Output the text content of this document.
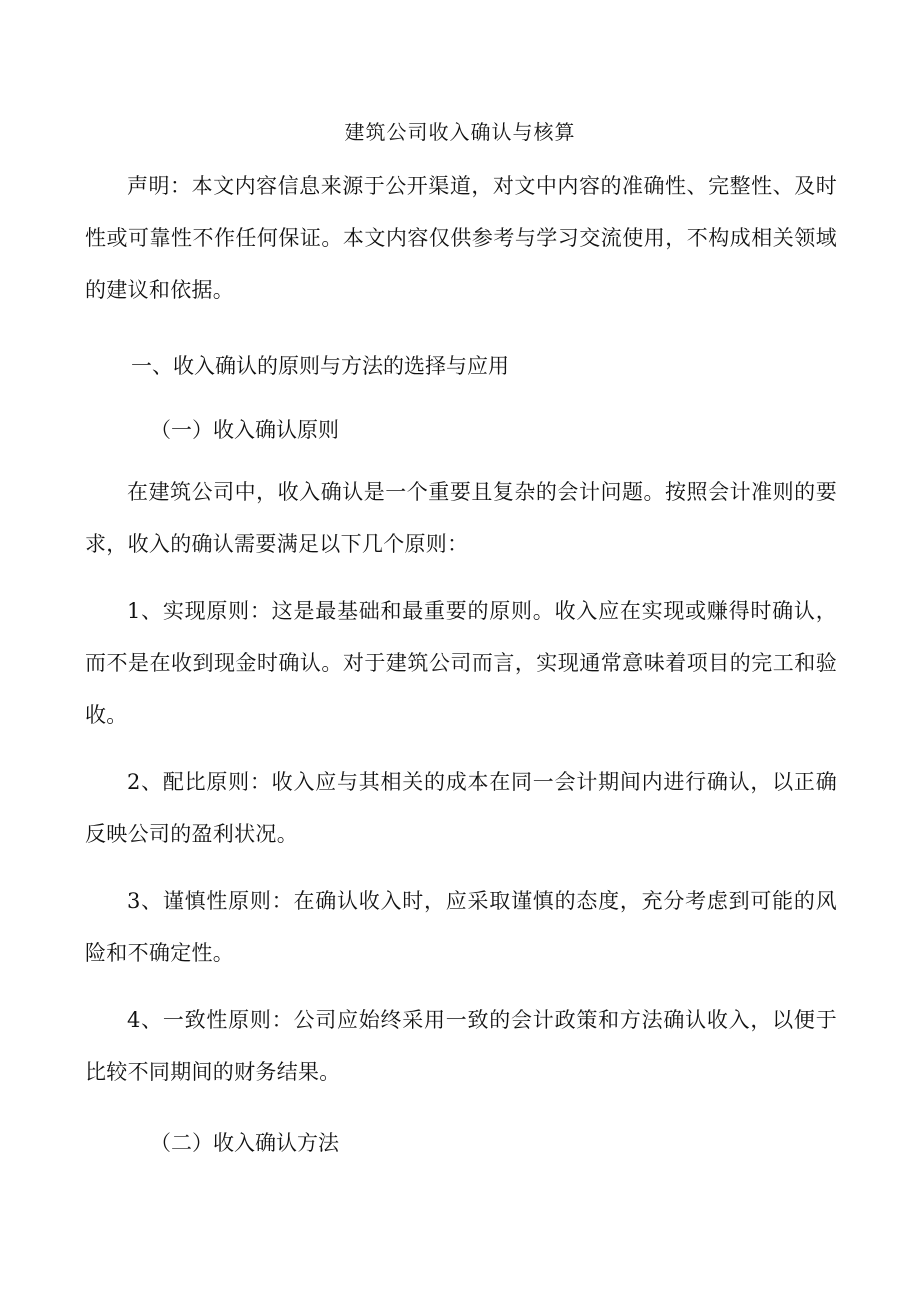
建筑公司收入确认与核算

声明：本文内容信息来源于公开渠道，对文中内容的准确性、完整性、及时性或可靠性不作任何保证。本文内容仅供参考与学习交流使用，不构成相关领域的建议和依据。

一、收入确认的原则与方法的选择与应用
（一）收入确认原则

在建筑公司中，收入确认是一个重要且复杂的会计问题。按照会计准则的要求，收入的确认需要满足以下几个原则：

1、实现原则：这是最基础和最重要的原则。收入应在实现或赚得时确认，而不是在收到现金时确认。对于建筑公司而言，实现通常意味着项目的完工和验收。

2、配比原则：收入应与其相关的成本在同一会计期间内进行确认，以正确反映公司的盈利状况。

3、谨慎性原则：在确认收入时，应采取谨慎的态度，充分考虑到可能的风险和不确定性。

4、一致性原则：公司应始终采用一致的会计政策和方法确认收入，以便于比较不同期间的财务结果。

（二）收入确认方法
